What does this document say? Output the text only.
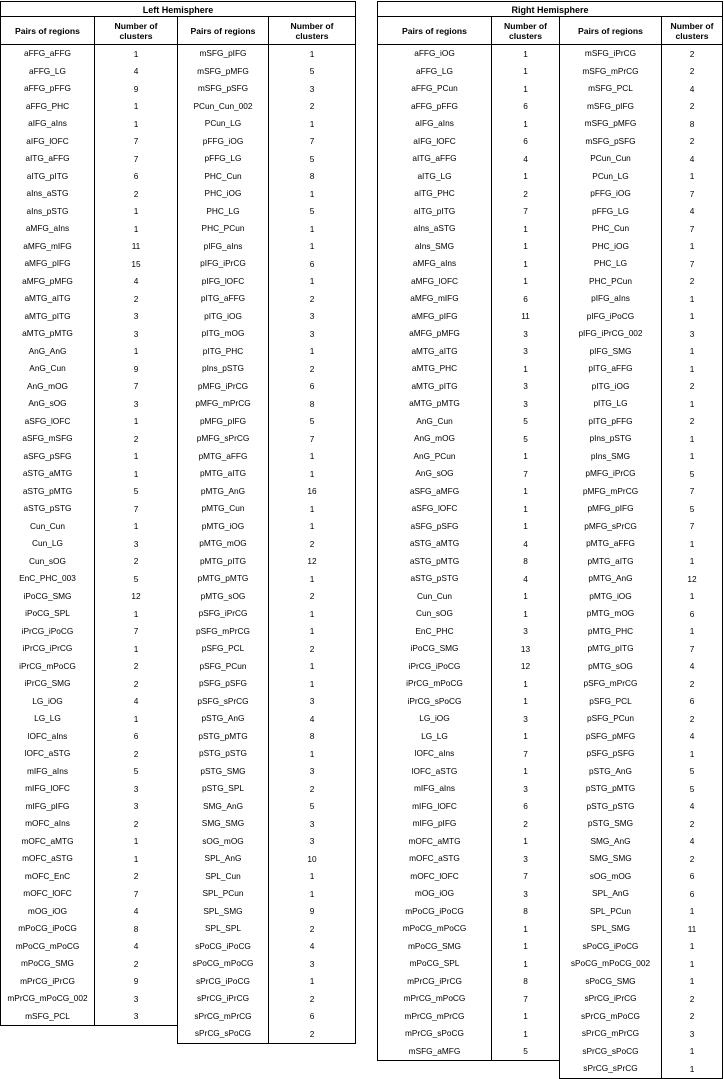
Left Hemisphere
Pairs of regions	Number of
clusters
aFFG_aFFG	1
aFFG_LG	4
aFFG_pFFG	9
aFFG_PHC	1
aIFG_aIns	1
aIFG_lOFC	7
aITG_aFFG	7
aITG_pITG	6
aIns_aSTG	2
aIns_pSTG	1
aMFG_aIns	1
aMFG_mIFG	11
aMFG_pIFG	15
aMFG_pMFG	4
aMTG_aITG	2
aMTG_pITG	3
aMTG_pMTG	3
AnG_AnG	1
AnG_Cun	9
AnG_mOG	7
AnG_sOG	3
aSFG_lOFC	1
aSFG_mSFG	2
aSFG_pSFG	1
aSTG_aMTG	1
aSTG_pMTG	5
aSTG_pSTG	7
Cun_Cun	1
Cun_LG	3
Cun_sOG	2
EnC_PHC_003	5
iPoCG_SMG	12
iPoCG_SPL	1
iPrCG_iPoCG	7
iPrCG_iPrCG	1
iPrCG_mPoCG	2
iPrCG_SMG	2
LG_iOG	4
LG_LG	1
lOFC_aIns	6
lOFC_aSTG	2
mIFG_aIns	5
mIFG_lOFC	3
mIFG_pIFG	3
mOFC_aIns	2
mOFC_aMTG	1
mOFC_aSTG	1
mOFC_EnC	2
mOFC_lOFC	7
mOG_iOG	4
mPoCG_iPoCG	8
mPoCG_mPoCG	4
mPoCG_SMG	2
mPrCG_iPrCG	9
mPrCG_mPoCG_002	3
mSFG_PCL	3
Pairs of regions	Number of
clusters
mSFG_pIFG	1
mSFG_pMFG	5
mSFG_pSFG	3
PCun_Cun_002	2
PCun_LG	1
pFFG_iOG	7
pFFG_LG	5
PHC_Cun	8
PHC_iOG	1
PHC_LG	5
PHC_PCun	1
pIFG_aIns	1
pIFG_iPrCG	6
pIFG_lOFC	1
pITG_aFFG	2
pITG_iOG	3
pITG_mOG	3
pITG_PHC	1
pIns_pSTG	2
pMFG_iPrCG	6
pMFG_mPrCG	8
pMFG_pIFG	5
pMFG_sPrCG	7
pMTG_aFFG	1
pMTG_aITG	1
pMTG_AnG	16
pMTG_Cun	1
pMTG_iOG	1
pMTG_mOG	2
pMTG_pITG	12
pMTG_pMTG	1
pMTG_sOG	2
pSFG_iPrCG	1
pSFG_mPrCG	1
pSFG_PCL	2
pSFG_PCun	1
pSFG_pSFG	1
pSFG_sPrCG	3
pSTG_AnG	4
pSTG_pMTG	8
pSTG_pSTG	1
pSTG_SMG	3
pSTG_SPL	2
SMG_AnG	5
SMG_SMG	3
sOG_mOG	3
SPL_AnG	10
SPL_Cun	1
SPL_PCun	1
SPL_SMG	9
SPL_SPL	2
sPoCG_iPoCG	4
sPoCG_mPoCG	3
sPrCG_iPoCG	1
sPrCG_iPrCG	2
sPrCG_mPrCG	6
sPrCG_sPoCG	2
Right Hemisphere
Pairs of regions	Number of
clusters
aFFG_iOG	1
aFFG_LG	1
aFFG_PCun	1
aFFG_pFFG	6
aIFG_aIns	1
aIFG_lOFC	6
aITG_aFFG	4
aITG_LG	1
aITG_PHC	2
aITG_pITG	7
aIns_aSTG	1
aIns_SMG	1
aMFG_aIns	1
aMFG_lOFC	1
aMFG_mIFG	6
aMFG_pIFG	11
aMFG_pMFG	3
aMTG_aITG	3
aMTG_PHC	1
aMTG_pITG	3
aMTG_pMTG	3
AnG_Cun	5
AnG_mOG	5
AnG_PCun	1
AnG_sOG	7
aSFG_aMFG	1
aSFG_lOFC	1
aSFG_pSFG	1
aSTG_aMTG	4
aSTG_pMTG	8
aSTG_pSTG	4
Cun_Cun	1
Cun_sOG	1
EnC_PHC	3
iPoCG_SMG	13
iPrCG_iPoCG	12
iPrCG_mPoCG	1
iPrCG_sPoCG	1
LG_iOG	3
LG_LG	1
lOFC_aIns	7
lOFC_aSTG	1
mIFG_aIns	3
mIFG_lOFC	6
mIFG_pIFG	2
mOFC_aMTG	1
mOFC_aSTG	3
mOFC_lOFC	7
mOG_iOG	3
mPoCG_iPoCG	8
mPoCG_mPoCG	1
mPoCG_SMG	1
mPoCG_SPL	1
mPrCG_iPrCG	8
mPrCG_mPoCG	7
mPrCG_mPrCG	1
mPrCG_sPoCG	1
mSFG_aMFG	5
Pairs of regions	Number of
clusters
mSFG_iPrCG	2
mSFG_mPrCG	2
mSFG_PCL	4
mSFG_pIFG	2
mSFG_pMFG	8
mSFG_pSFG	2
PCun_Cun	4
PCun_LG	1
pFFG_iOG	7
pFFG_LG	4
PHC_Cun	7
PHC_iOG	1
PHC_LG	7
PHC_PCun	2
pIFG_aIns	1
pIFG_iPoCG	1
pIFG_iPrCG_002	3
pIFG_SMG	1
pITG_aFFG	1
pITG_iOG	2
pITG_LG	1
pITG_pFFG	2
pIns_pSTG	1
pIns_SMG	1
pMFG_iPrCG	5
pMFG_mPrCG	7
pMFG_pIFG	5
pMFG_sPrCG	7
pMTG_aFFG	1
pMTG_aITG	1
pMTG_AnG	12
pMTG_iOG	1
pMTG_mOG	6
pMTG_PHC	1
pMTG_pITG	7
pMTG_sOG	4
pSFG_mPrCG	2
pSFG_PCL	6
pSFG_PCun	2
pSFG_pMFG	4
pSFG_pSFG	1
pSTG_AnG	5
pSTG_pMTG	5
pSTG_pSTG	4
pSTG_SMG	2
SMG_AnG	4
SMG_SMG	2
sOG_mOG	6
SPL_AnG	6
SPL_PCun	1
SPL_SMG	11
sPoCG_iPoCG	1
sPoCG_mPoCG_002	1
sPoCG_SMG	1
sPrCG_iPrCG	2
sPrCG_mPoCG	2
sPrCG_mPrCG	3
sPrCG_sPoCG	1
sPrCG_sPrCG	1
